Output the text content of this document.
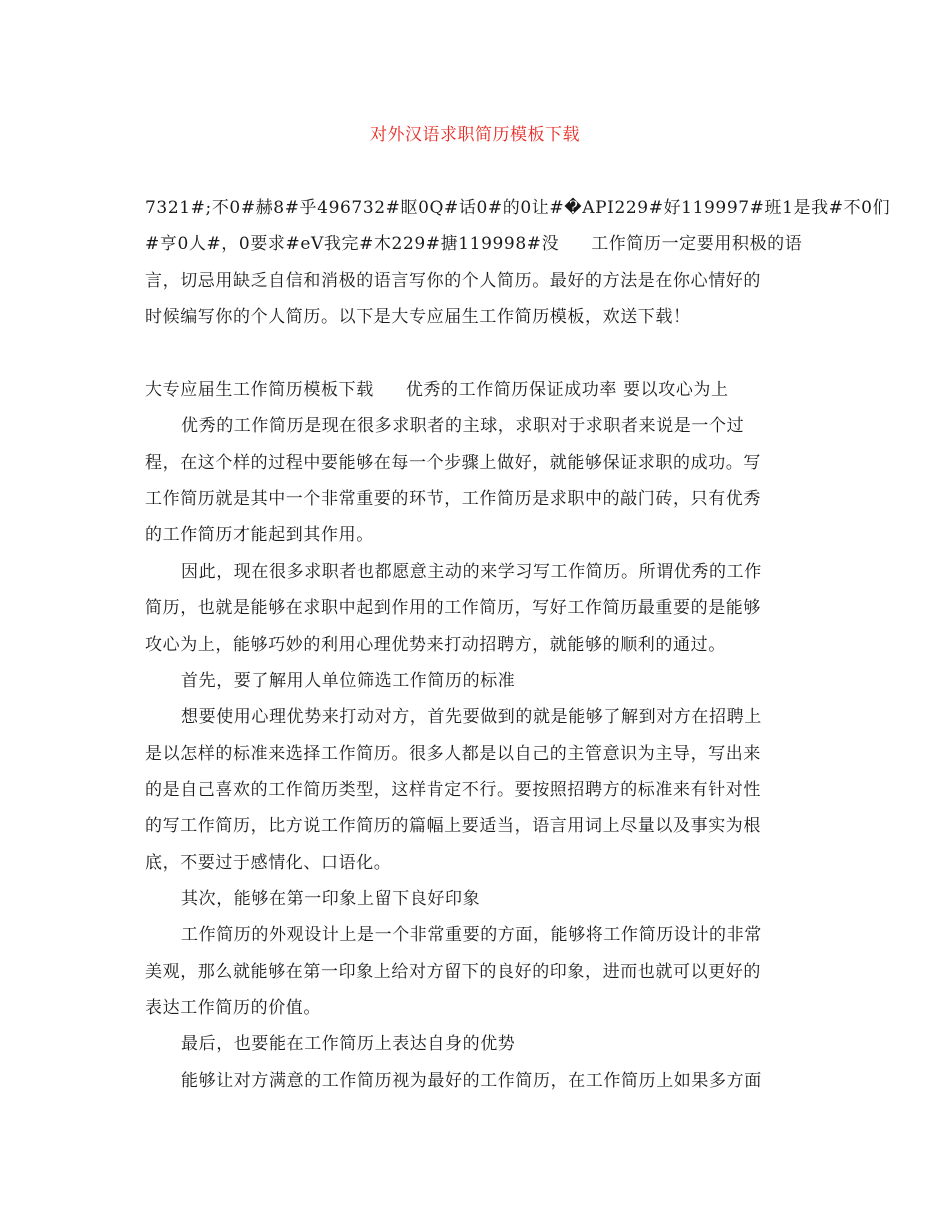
对外汉语求职简历模板下载
7321#;不0#赫8#乎496732#眍0Q#话0#的0让#�API229#好119997#班1是我#不0们
#亨0人#，0要求#eV我完#木229#搪119998#没 工作简历一定要用积极的语
言，切忌用缺乏自信和消极的语言写你的个人简历。最好的方法是在你心情好的
时候编写你的个人简历。以下是大专应届生工作简历模板，欢送下载！
大专应届生工作简历模板下载 优秀的工作简历保证成功率 要以攻心为上
优秀的工作简历是现在很多求职者的主球，求职对于求职者来说是一个过
程，在这个样的过程中要能够在每一个步骤上做好，就能够保证求职的成功。写
工作简历就是其中一个非常重要的环节，工作简历是求职中的敲门砖，只有优秀
的工作简历才能起到其作用。
因此，现在很多求职者也都愿意主动的来学习写工作简历。所谓优秀的工作
简历，也就是能够在求职中起到作用的工作简历，写好工作简历最重要的是能够
攻心为上，能够巧妙的利用心理优势来打动招聘方，就能够的顺利的通过。
首先，要了解用人单位筛选工作简历的标准
想要使用心理优势来打动对方，首先要做到的就是能够了解到对方在招聘上
是以怎样的标准来选择工作简历。很多人都是以自己的主管意识为主导，写出来
的是自己喜欢的工作简历类型，这样肯定不行。要按照招聘方的标准来有针对性
的写工作简历，比方说工作简历的篇幅上要适当，语言用词上尽量以及事实为根
底，不要过于感情化、口语化。
其次，能够在第一印象上留下良好印象
工作简历的外观设计上是一个非常重要的方面，能够将工作简历设计的非常
美观，那么就能够在第一印象上给对方留下的良好的印象，进而也就可以更好的
表达工作简历的价值。
最后，也要能在工作简历上表达自身的优势
能够让对方满意的工作简历视为最好的工作简历，在工作简历上如果多方面
